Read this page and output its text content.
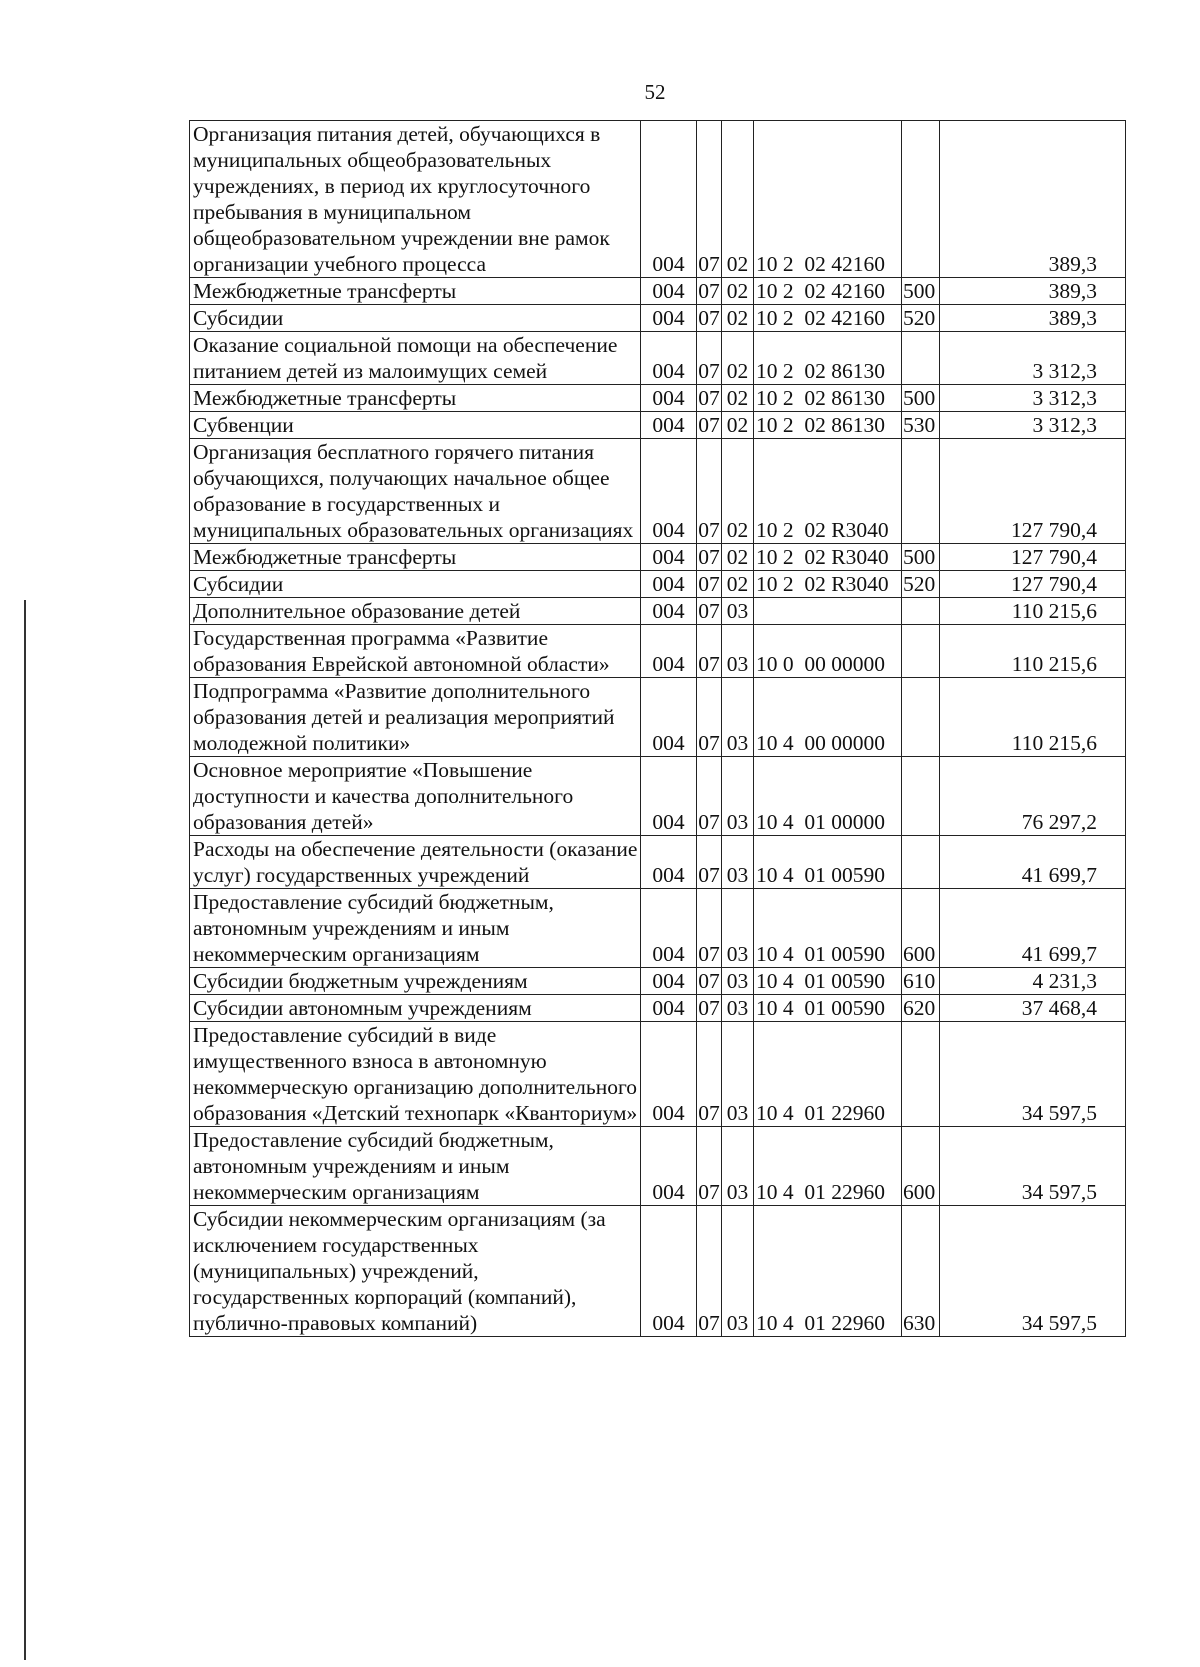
52
Организация питания детей, обучающихся в муниципальных общеобразовательных учреждениях, в период их круглосуточного пребывания в муниципальном общеобразовательном учреждении вне рамок организации учебного процесса	004	07	02	10 2  02 42160		389,3
Межбюджетные трансферты	004	07	02	10 2  02 42160	500	389,3
Субсидии	004	07	02	10 2  02 42160	520	389,3
Оказание социальной помощи на обеспечение питанием детей из малоимущих семей	004	07	02	10 2  02 86130		3 312,3
Межбюджетные трансферты	004	07	02	10 2  02 86130	500	3 312,3
Субвенции	004	07	02	10 2  02 86130	530	3 312,3
Организация бесплатного горячего питания обучающихся, получающих начальное общее образование в государственных и муниципальных образовательных организациях	004	07	02	10 2  02 R3040		127 790,4
Межбюджетные трансферты	004	07	02	10 2  02 R3040	500	127 790,4
Субсидии	004	07	02	10 2  02 R3040	520	127 790,4
Дополнительное образование детей	004	07	03			110 215,6
Государственная программа «Развитие образования Еврейской автономной области»	004	07	03	10 0  00 00000		110 215,6
Подпрограмма «Развитие дополнительного образования детей и реализация мероприятий молодежной политики»	004	07	03	10 4  00 00000		110 215,6
Основное мероприятие «Повышение доступности и качества дополнительного образования детей»	004	07	03	10 4  01 00000		76 297,2
Расходы на обеспечение деятельности (оказание услуг) государственных учреждений	004	07	03	10 4  01 00590		41 699,7
Предоставление субсидий бюджетным, автономным учреждениям и иным некоммерческим организациям	004	07	03	10 4  01 00590	600	41 699,7
Субсидии бюджетным учреждениям	004	07	03	10 4  01 00590	610	4 231,3
Субсидии автономным учреждениям	004	07	03	10 4  01 00590	620	37 468,4
Предоставление субсидий в виде имущественного взноса в автономную некоммерческую организацию дополнительного образования «Детский технопарк «Кванториум»	004	07	03	10 4  01 22960		34 597,5
Предоставление субсидий бюджетным, автономным учреждениям и иным некоммерческим организациям	004	07	03	10 4  01 22960	600	34 597,5
Субсидии некоммерческим организациям (за исключением государственных (муниципальных) учреждений, государственных корпораций (компаний), публично-правовых компаний)	004	07	03	10 4  01 22960	630	34 597,5
